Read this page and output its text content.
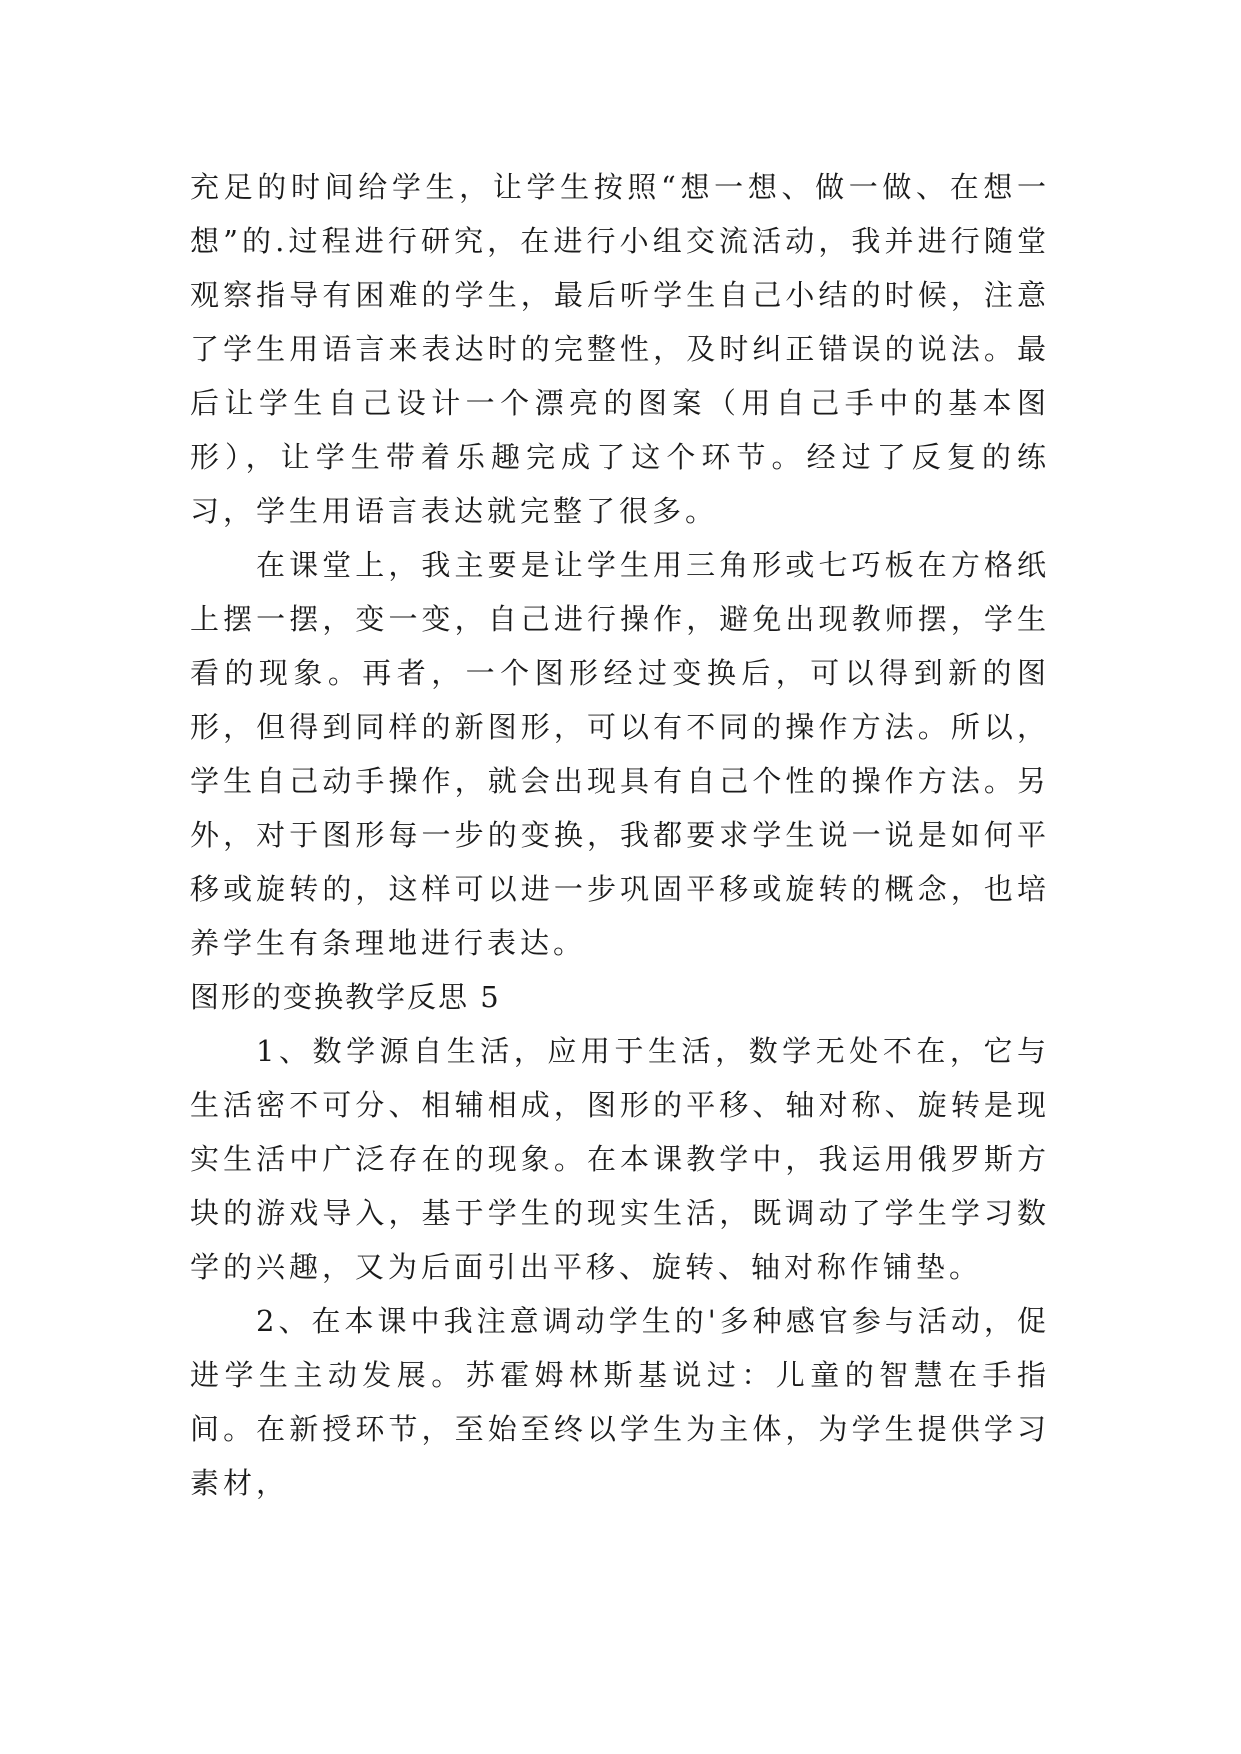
充足的时间给学生，让学生按照“想一想、做一做、在想一想”的.过程进行研究，在进行小组交流活动，我并进行随堂观察指导有困难的学生，最后听学生自己小结的时候，注意了学生用语言来表达时的完整性，及时纠正错误的说法。最后让学生自己设计一个漂亮的图案（用自己手中的基本图形），让学生带着乐趣完成了这个环节。经过了反复的练习，学生用语言表达就完整了很多。

在课堂上，我主要是让学生用三角形或七巧板在方格纸上摆一摆，变一变，自己进行操作，避免出现教师摆，学生看的现象。再者，一个图形经过变换后，可以得到新的图形，但得到同样的新图形，可以有不同的操作方法。所以，学生自己动手操作，就会出现具有自己个性的操作方法。另外，对于图形每一步的变换，我都要求学生说一说是如何平移或旋转的，这样可以进一步巩固平移或旋转的概念，也培养学生有条理地进行表达。

图形的变换教学反思 5

1、数学源自生活，应用于生活，数学无处不在，它与生活密不可分、相辅相成，图形的平移、轴对称、旋转是现实生活中广泛存在的现象。在本课教学中，我运用俄罗斯方块的游戏导入，基于学生的现实生活，既调动了学生学习数学的兴趣，又为后面引出平移、旋转、轴对称作铺垫。

2、在本课中我注意调动学生的'多种感官参与活动，促进学生主动发展。苏霍姆林斯基说过：儿童的智慧在手指间。在新授环节，至始至终以学生为主体，为学生提供学习素材，
